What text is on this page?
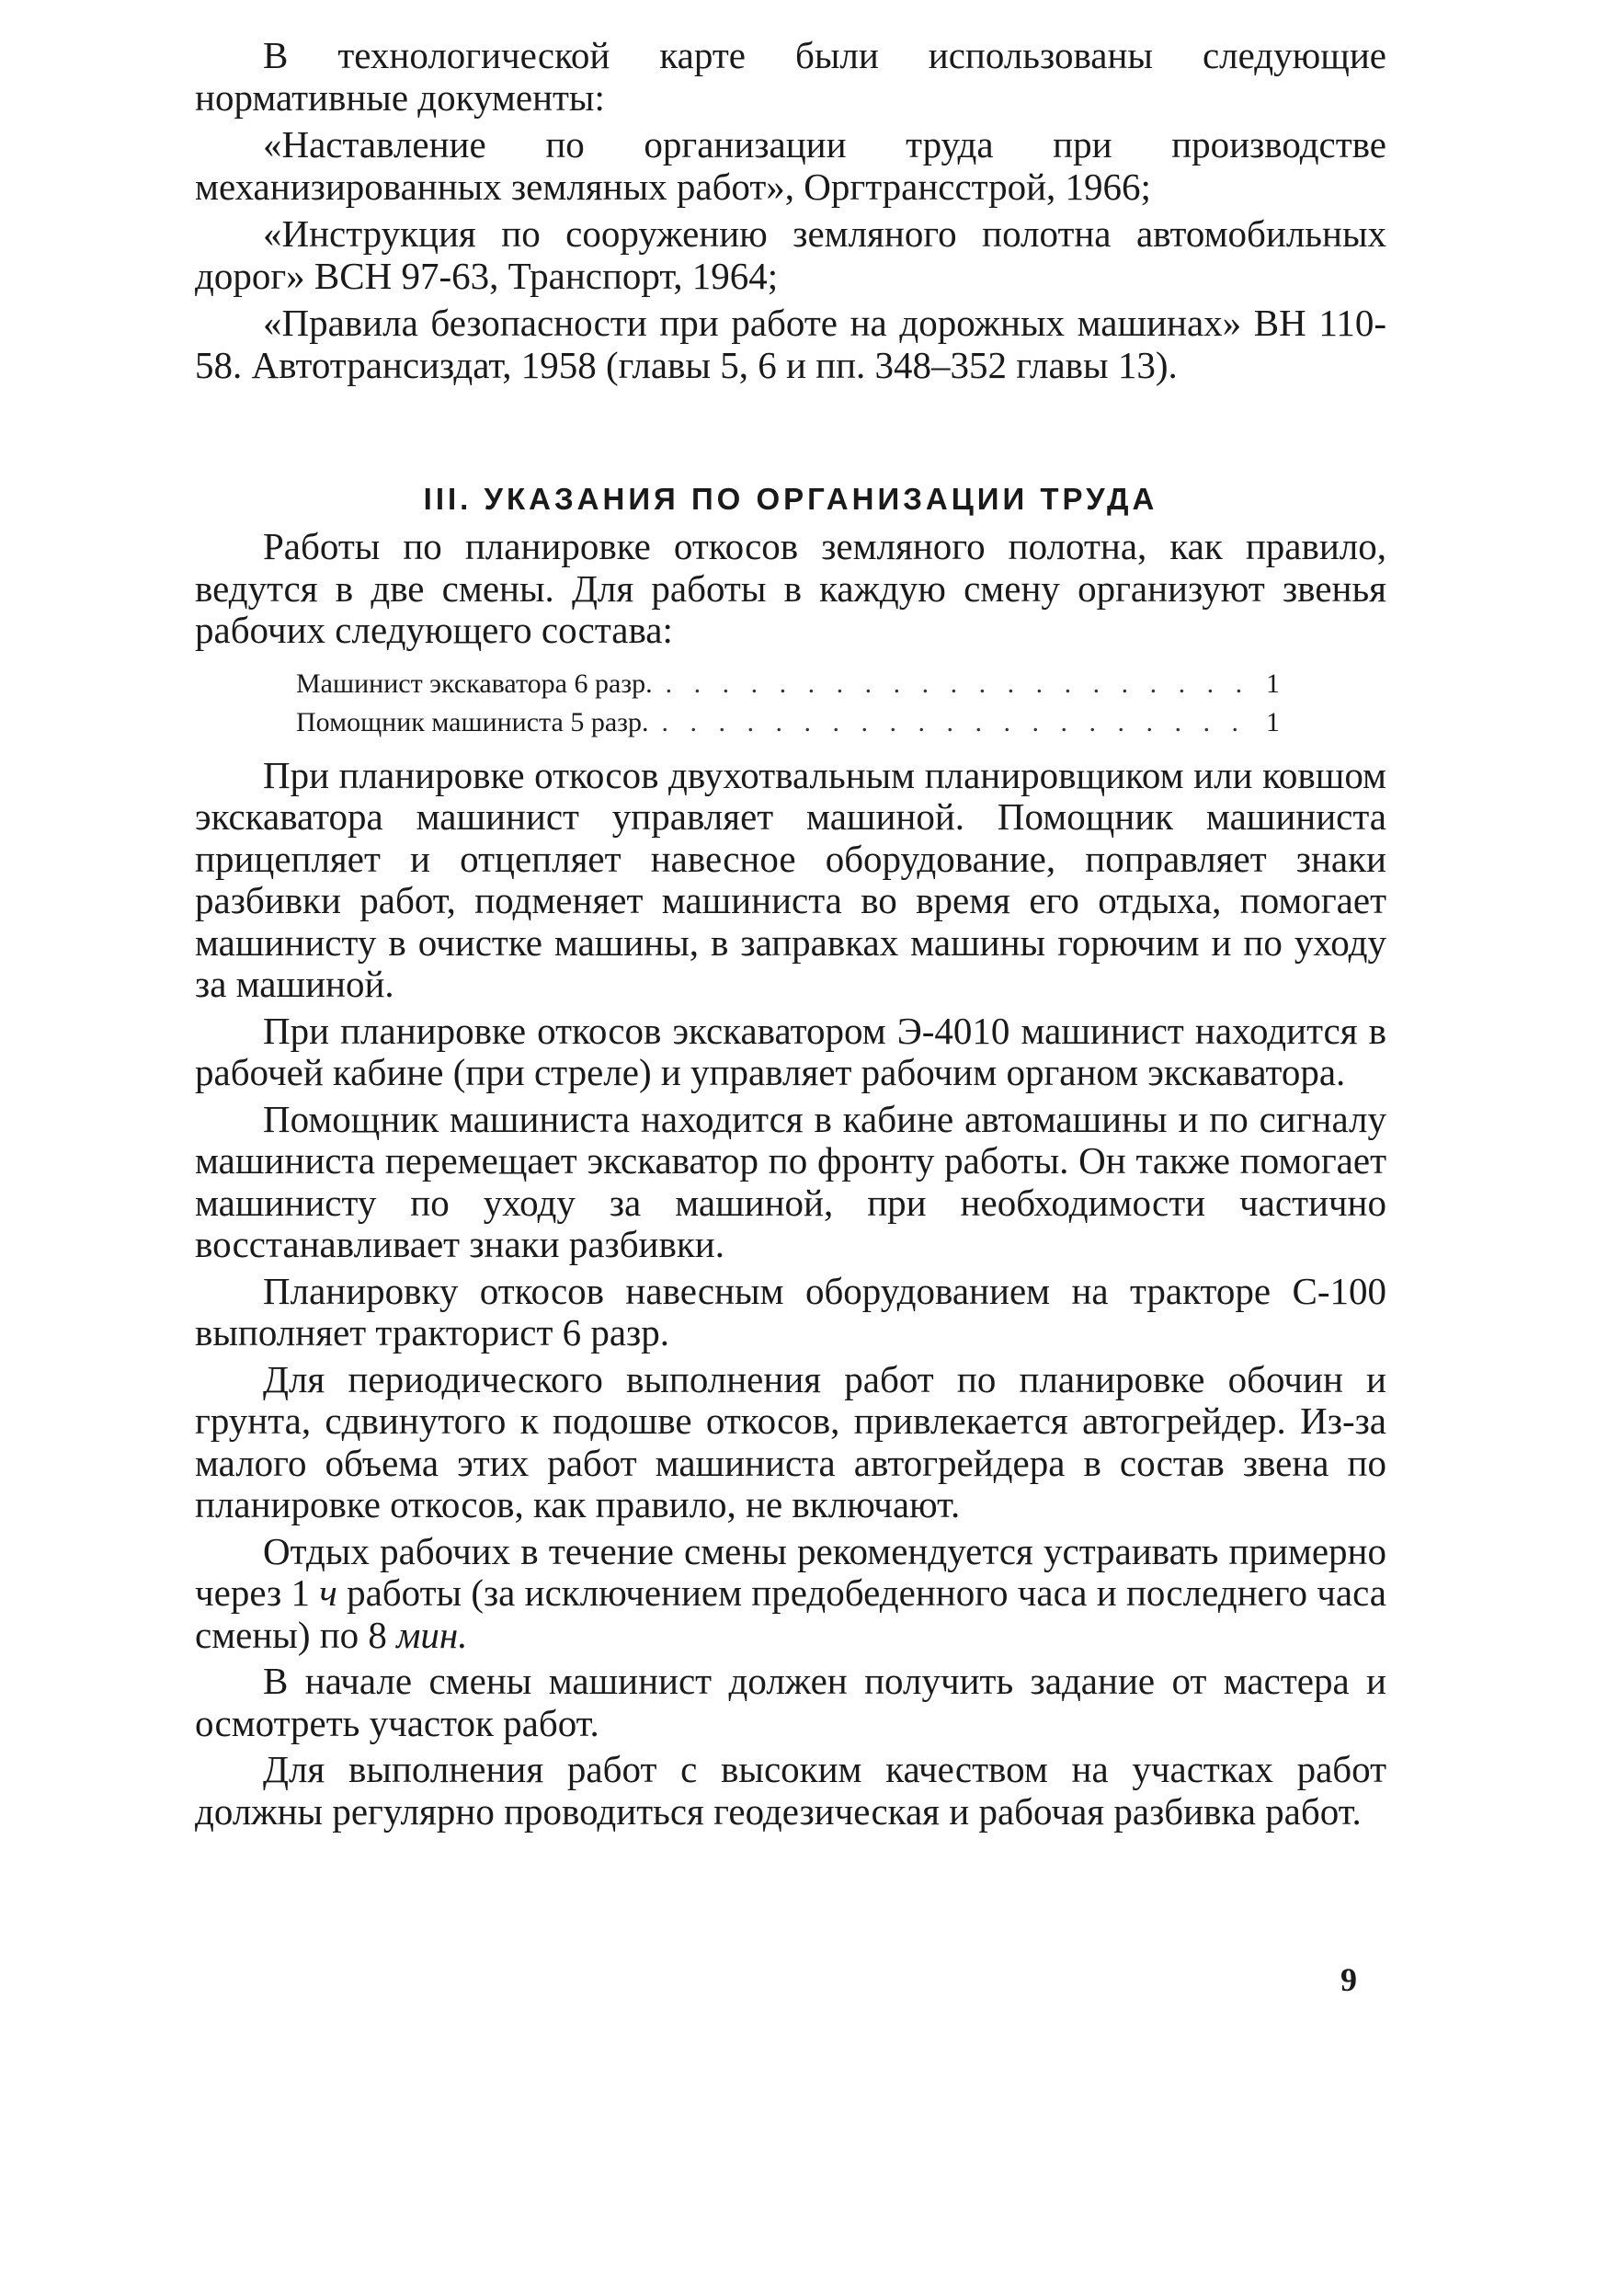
В технологической карте были использованы следующие нормативные документы:

«Наставление по организации труда при производстве механизированных земляных работ», Оргтрансстрой, 1966;

«Инструкция по сооружению земляного полотна автомобильных дорог» ВСН 97-63, Транспорт, 1964;

«Правила безопасности при работе на дорожных машинах» ВН 110-58. Автотрансиздат, 1958 (главы 5, 6 и пп. 348–352 главы 13).

III. УКАЗАНИЯ ПО ОРГАНИЗАЦИИ ТРУДА

Работы по планировке откосов земляного полотна, как правило, ведутся в две смены. Для работы в каждую смену организуют звенья рабочих следующего состава:

Машинист экскаватора 6 разр. . . .	1
Помощник машиниста 5 разр. . . .	1

При планировке откосов двухотвальным планировщиком или ковшом экскаватора машинист управляет машиной. Помощник машиниста прицепляет и отцепляет навесное оборудование, поправляет знаки разбивки работ, подменяет машиниста во время его отдыха, помогает машинисту в очистке машины, в заправках машины горючим и по уходу за машиной.

При планировке откосов экскаватором Э-4010 машинист находится в рабочей кабине (при стреле) и управляет рабочим органом экскаватора.

Помощник машиниста находится в кабине автомашины и по сигналу машиниста перемещает экскаватор по фронту работы. Он также помогает машинисту по уходу за машиной, при необходимости частично восстанавливает знаки разбивки.

Планировку откосов навесным оборудованием на тракторе С-100 выполняет тракторист 6 разр.

Для периодического выполнения работ по планировке обочин и грунта, сдвинутого к подошве откосов, привлекается автогрейдер. Из-за малого объема этих работ машиниста автогрейдера в состав звена по планировке откосов, как правило, не включают.

Отдых рабочих в течение смены рекомендуется устраивать примерно через 1 ч работы (за исключением предобеденного часа и последнего часа смены) по 8 мин.

В начале смены машинист должен получить задание от мастера и осмотреть участок работ.

Для выполнения работ с высоким качеством на участках работ должны регулярно проводиться геодезическая и рабочая разбивка работ.

9
